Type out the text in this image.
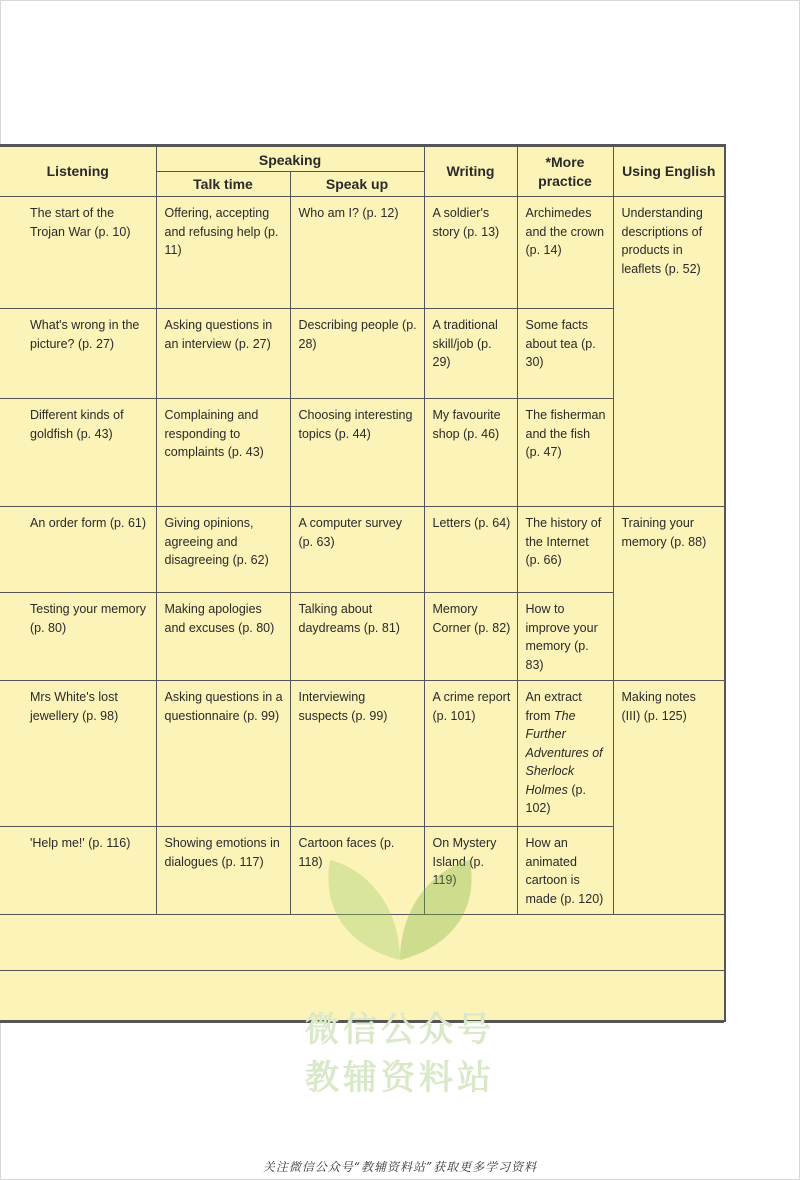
Listening	Speaking		Writing	*More practice	Using English
	Talk time	Speak up			
The start of the Trojan War (p. 10)	Offering, accepting and refusing help (p. 11)	Who am I? (p. 12)	A soldier's story (p. 13)	Archimedes and the crown (p. 14)	Understanding descriptions of products in leaflets (p. 52)
What's wrong in the picture? (p. 27)	Asking questions in an interview (p. 27)	Describing people (p. 28)	A traditional skill/job (p. 29)	Some facts about tea (p. 30)	
Different kinds of goldfish (p. 43)	Complaining and responding to complaints (p. 43)	Choosing interesting topics (p. 44)	My favourite shop (p. 46)	The fisherman and the fish (p. 47)	
An order form (p. 61)	Giving opinions, agreeing and disagreeing (p. 62)	A computer survey (p. 63)	Letters (p. 64)	The history of the Internet (p. 66)	Training your memory (p. 88)
Testing your memory (p. 80)	Making apologies and excuses (p. 80)	Talking about daydreams (p. 81)	Memory Corner (p. 82)	How to improve your memory (p. 83)	
Mrs White's lost jewellery (p. 98)	Asking questions in a questionnaire (p. 99)	Interviewing suspects (p. 99)	A crime report (p. 101)	An extract from The Further Adventures of Sherlock Holmes (p. 102)	Making notes (III) (p. 125)
'Help me!' (p. 116)	Showing emotions in dialogues (p. 117)	Cartoon faces (p. 118)	On Mystery Island (p. 119)	How an animated cartoon is made (p. 120)	

微信公众号
教辅资料站
关注微信公众号“教辅资料站”获取更多学习资料
